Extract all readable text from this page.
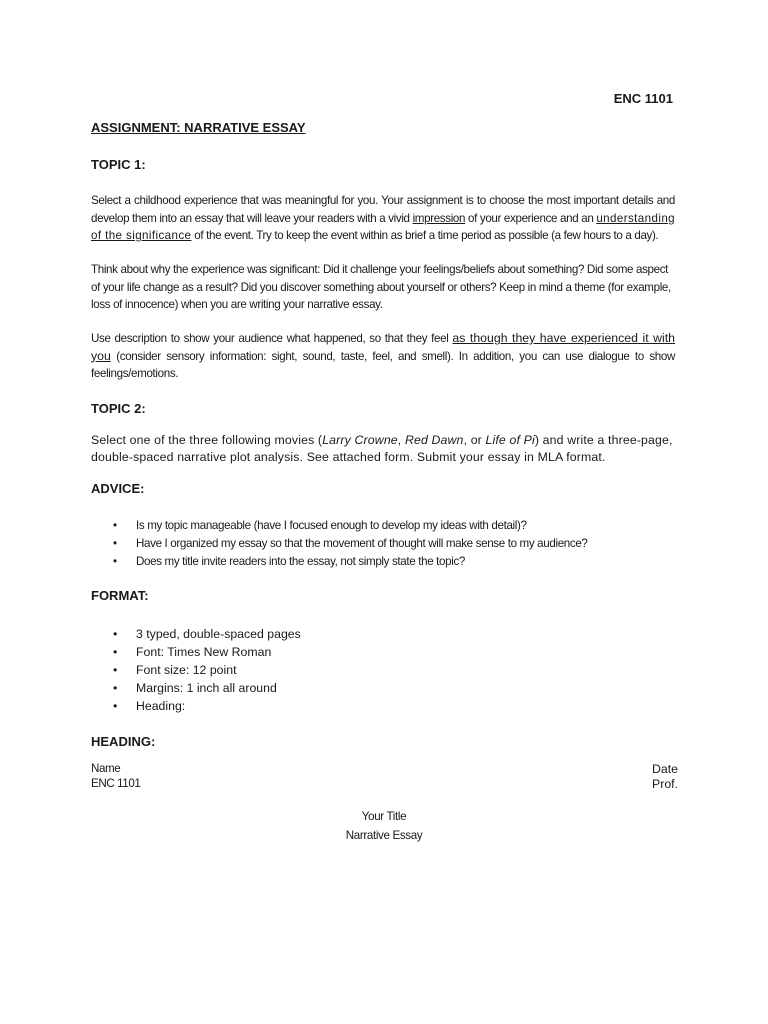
ENC 1101
ASSIGNMENT: NARRATIVE ESSAY
TOPIC 1:
Select a childhood experience that was meaningful for you. Your assignment is to choose the most important details and develop them into an essay that will leave your readers with a vivid impression of your experience and an understanding of the significance of the event. Try to keep the event within as brief a time period as possible (a few hours to a day).
Think about why the experience was significant: Did it challenge your feelings/beliefs about something? Did some aspect of your life change as a result? Did you discover something about yourself or others? Keep in mind a theme (for example, loss of innocence) when you are writing your narrative essay.
Use description to show your audience what happened, so that they feel as though they have experienced it with you (consider sensory information: sight, sound, taste, feel, and smell). In addition, you can use dialogue to show feelings/emotions.
TOPIC 2:
Select one of the three following movies (Larry Crowne, Red Dawn, or Life of Pi) and write a three-page, double-spaced narrative plot analysis. See attached form. Submit your essay in MLA format.
ADVICE:
• Is my topic manageable (have I focused enough to develop my ideas with detail)?
• Have I organized my essay so that the movement of thought will make sense to my audience?
• Does my title invite readers into the essay, not simply state the topic?
FORMAT:
• 3 typed, double-spaced pages
• Font: Times New Roman
• Font size: 12 point
• Margins: 1 inch all around
• Heading:
HEADING:
Name
ENC 1101
Date
Prof.
Your Title
Narrative Essay
